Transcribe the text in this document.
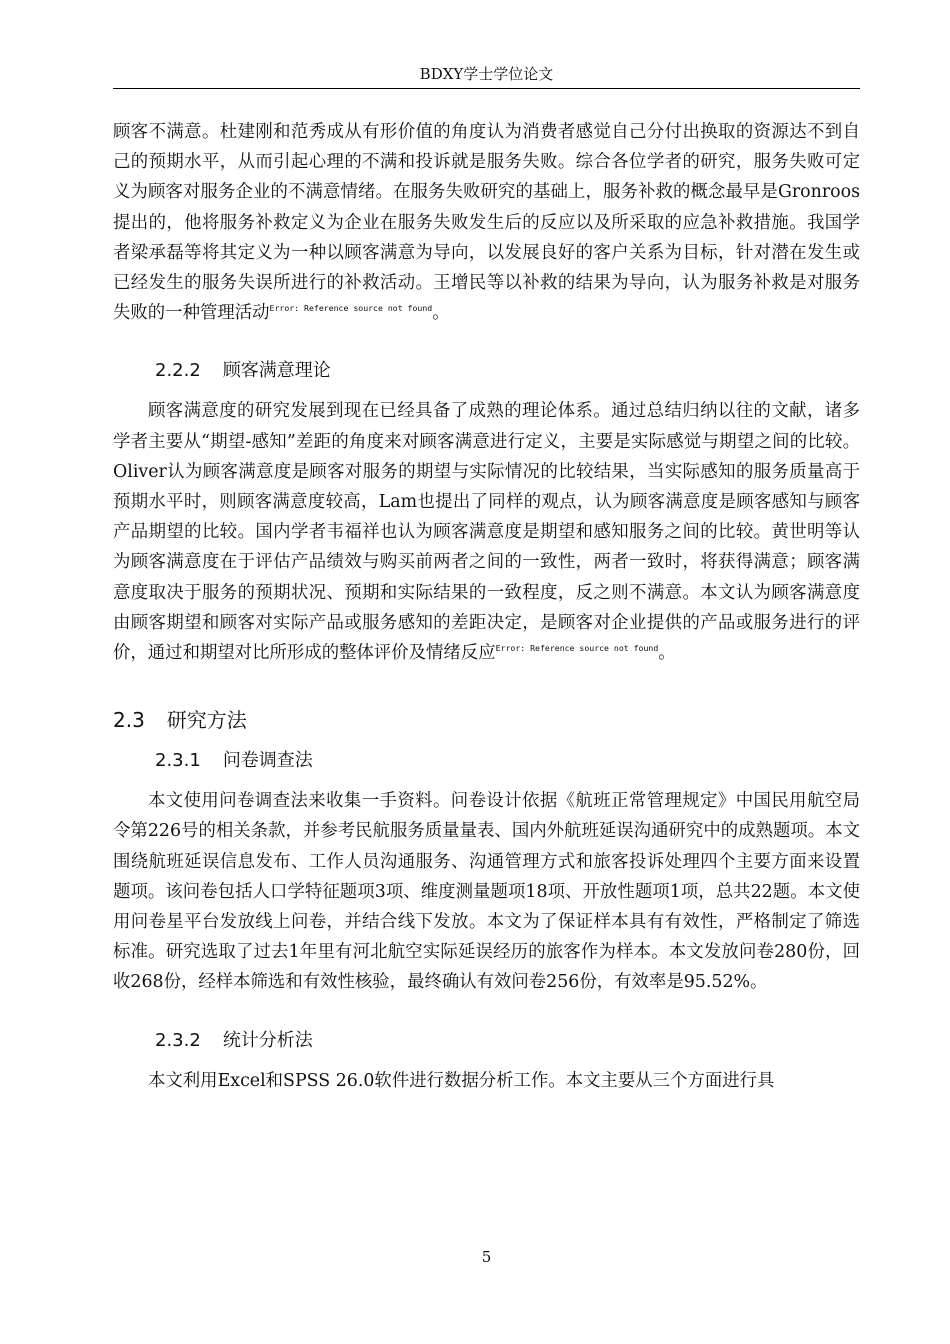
BDXY学士学位论文

顾客不满意。杜建刚和范秀成从有形价值的角度认为消费者感觉自己分付出换取的资源达不到自己的预期水平，从而引起心理的不满和投诉就是服务失败。综合各位学者的研究，服务失败可定义为顾客对服务企业的不满意情绪。在服务失败研究的基础上，服务补救的概念最早是Gronroos提出的，他将服务补救定义为企业在服务失败发生后的反应以及所采取的应急补救措施。我国学者梁承磊等将其定义为一种以顾客满意为导向，以发展良好的客户关系为目标，针对潜在发生或已经发生的服务失误所进行的补救活动。王增民等以补救的结果为导向，认为服务补救是对服务失败的一种管理活动$^{Error: Reference source not found}$。

2.2.2 顾客满意理论

顾客满意度的研究发展到现在已经具备了成熟的理论体系。通过总结归纳以往的文献，诸多学者主要从“期望-感知”差距的角度来对顾客满意进行定义，主要是实际感觉与期望之间的比较。Oliver认为顾客满意度是顾客对服务的期望与实际情况的比较结果，当实际感知的服务质量高于预期水平时，则顾客满意度较高，Lam也提出了同样的观点，认为顾客满意度是顾客感知与顾客产品期望的比较。国内学者韦福祥也认为顾客满意度是期望和感知服务之间的比较。黄世明等认为顾客满意度在于评估产品绩效与购买前两者之间的一致性，两者一致时，将获得满意；顾客满意度取决于服务的预期状况、预期和实际结果的一致程度，反之则不满意。本文认为顾客满意度由顾客期望和顾客对实际产品或服务感知的差距决定，是顾客对企业提供的产品或服务进行的评价，通过和期望对比所形成的整体评价及情绪反应$^{Error: Reference source not found}$。

2.3 研究方法
2.3.1 问卷调查法

本文使用问卷调查法来收集一手资料。问卷设计依据《航班正常管理规定》中国民用航空局令第226号的相关条款，并参考民航服务质量量表、国内外航班延误沟通研究中的成熟题项。本文围绕航班延误信息发布、工作人员沟通服务、沟通管理方式和旅客投诉处理四个主要方面来设置题项。该问卷包括人口学特征题项3项、维度测量题项18项、开放性题项1项，总共22题。本文使用问卷星平台发放线上问卷，并结合线下发放。本文为了保证样本具有有效性，严格制定了筛选标准。研究选取了过去1年里有河北航空实际延误经历的旅客作为样本。本文发放问卷280份，回收268份，经样本筛选和有效性核验，最终确认有效问卷256份，有效率是95.52%。

2.3.2 统计分析法

本文利用Excel和SPSS 26.0软件进行数据分析工作。本文主要从三个方面进行具

5
